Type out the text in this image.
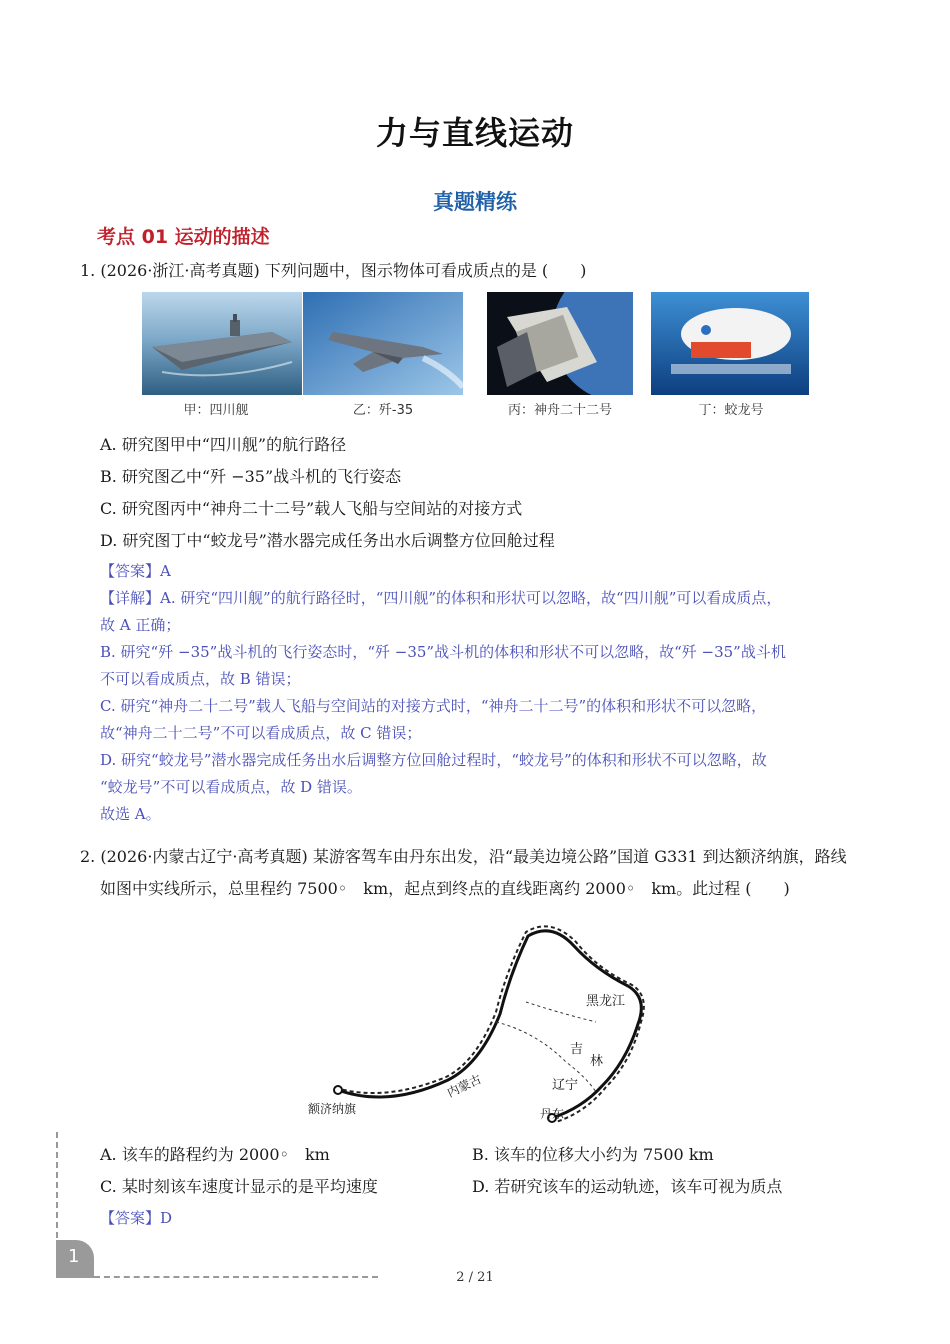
力与直线运动
真题精练
考点 01 运动的描述
1. (2026·浙江·高考真题) 下列问题中，图示物体可看成质点的是 (　　)
甲：四川舰	乙：歼-35	丙：神舟二十二号	丁：蛟龙号
A. 研究图甲中“四川舰”的航行路径
B. 研究图乙中“歼 −35”战斗机的飞行姿态
C. 研究图丙中“神舟二十二号”载人飞船与空间站的对接方式
D. 研究图丁中“蛟龙号”潜水器完成任务出水后调整方位回舱过程
【答案】A
【详解】A. 研究“四川舰”的航行路径时，“四川舰”的体积和形状可以忽略，故“四川舰”可以看成质点，
故 A 正确；
B. 研究“歼 −35”战斗机的飞行姿态时，“歼 −35”战斗机的体积和形状不可以忽略，故“歼 −35”战斗机
不可以看成质点，故 B 错误；
C. 研究“神舟二十二号”载人飞船与空间站的对接方式时，“神舟二十二号”的体积和形状不可以忽略，
故“神舟二十二号”不可以看成质点，故 C 错误；
D. 研究“蛟龙号”潜水器完成任务出水后调整方位回舱过程时，“蛟龙号”的体积和形状不可以忽略，故
“蛟龙号”不可以看成质点，故 D 错误。
故选 A。
2. (2026·内蒙古辽宁·高考真题) 某游客驾车由丹东出发，沿“最美边境公路”国道 G331 到达额济纳旗，路线
如图中实线所示，总里程约 7500◦　km，起点到终点的直线距离约 2000◦　km。此过程 (　　)
黑龙江
吉
林
辽宁
内蒙古
额济纳旗	丹东
A. 该车的路程约为 2000◦　km	B. 该车的位移大小约为 7500 km
C. 某时刻该车速度计显示的是平均速度	D. 若研究该车的运动轨迹，该车可视为质点
【答案】D
1
2 / 21
